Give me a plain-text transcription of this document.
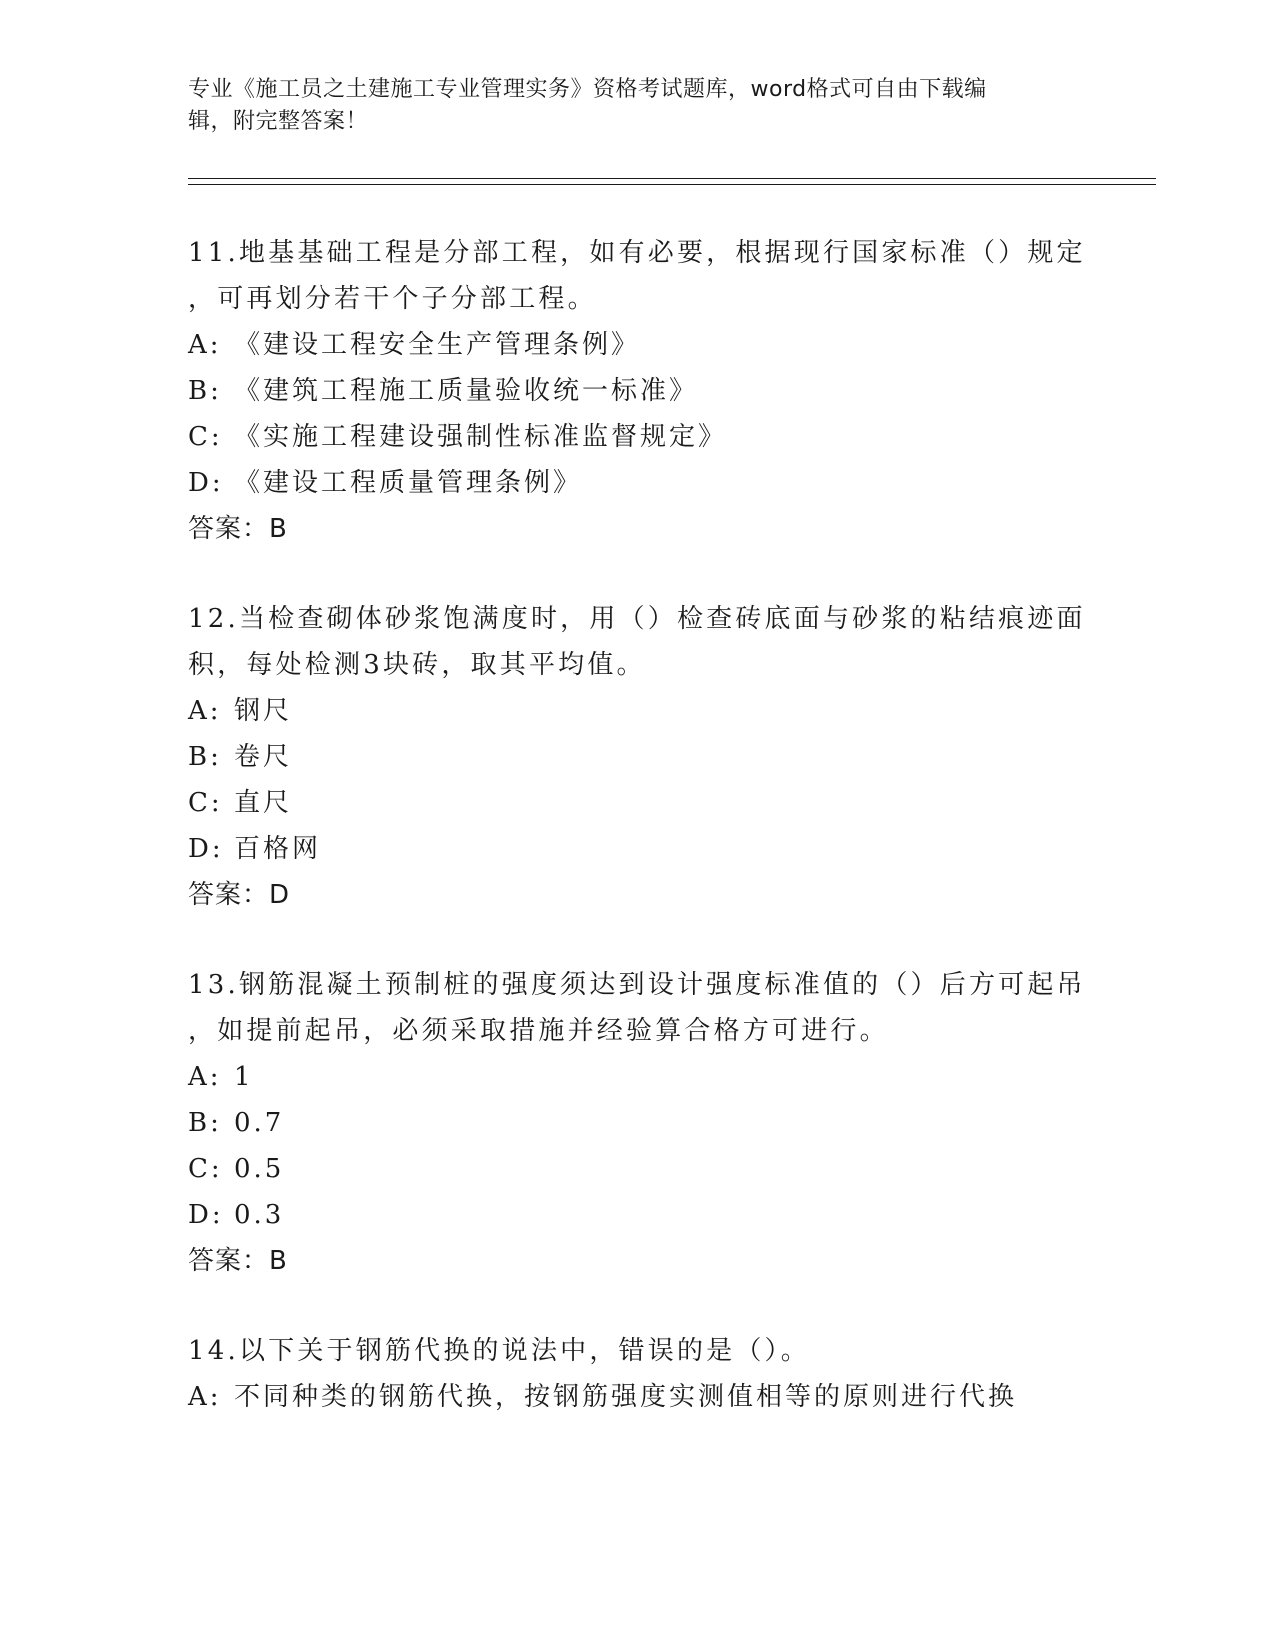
专业《施工员之土建施工专业管理实务》资格考试题库，word格式可自由下载编
辑，附完整答案！
11.地基基础工程是分部工程，如有必要，根据现行国家标准（）规定
，可再划分若干个子分部工程。
A: 《建设工程安全生产管理条例》
B: 《建筑工程施工质量验收统一标准》
C: 《实施工程建设强制性标准监督规定》
D: 《建设工程质量管理条例》
答案：B
12.当检查砌体砂浆饱满度时，用（）检查砖底面与砂浆的粘结痕迹面
积，每处检测3块砖，取其平均值。
A: 钢尺
B: 卷尺
C: 直尺
D: 百格网
答案：D
13.钢筋混凝土预制桩的强度须达到设计强度标准值的（）后方可起吊
，如提前起吊，必须采取措施并经验算合格方可进行。
A: 1
B: 0.7
C: 0.5
D: 0.3
答案：B
14.以下关于钢筋代换的说法中，错误的是（）。
A: 不同种类的钢筋代换，按钢筋强度实测值相等的原则进行代换
